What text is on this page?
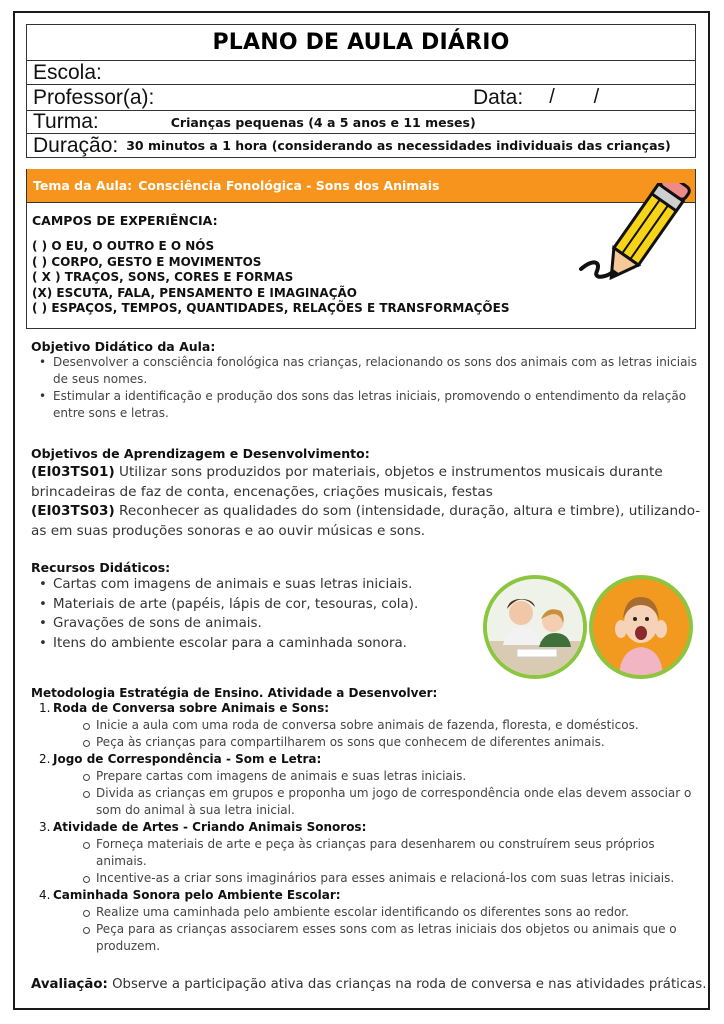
PLANO DE AULA DIÁRIO
Escola:
Professor(a):	Data: /       /
Turma:	Crianças pequenas (4 a 5 anos e 11 meses)
Duração: 30 minutos a 1 hora (considerando as necessidades individuais das crianças)
Tema da Aula: Consciência Fonológica - Sons dos Animais
CAMPOS DE EXPERIÊNCIA:
( ) O EU, O OUTRO E O NÓS
( ) CORPO, GESTO E MOVIMENTOS
( X ) TRAÇOS, SONS, CORES E FORMAS
(X) ESCUTA, FALA, PENSAMENTO E IMAGINAÇÃO
( ) ESPAÇOS, TEMPOS, QUANTIDADES, RELAÇÕES E TRANSFORMAÇÕES
Objetivo Didático da Aula:
• Desenvolver a consciência fonológica nas crianças, relacionando os sons dos animais com as letras iniciais de seus nomes.
• Estimular a identificação e produção dos sons das letras iniciais, promovendo o entendimento da relação entre sons e letras.
Objetivos de Aprendizagem e Desenvolvimento:

(EI03TS01) Utilizar sons produzidos por materiais, objetos e instrumentos musicais durante brincadeiras de faz de conta, encenações, criações musicais, festas
(EI03TS03) Reconhecer as qualidades do som (intensidade, duração, altura e timbre), utilizando-as em suas produções sonoras e ao ouvir músicas e sons.

Recursos Didáticos:
• Cartas com imagens de animais e suas letras iniciais.
• Materiais de arte (papéis, lápis de cor, tesouras, cola).
• Gravações de sons de animais.
• Itens do ambiente escolar para a caminhada sonora.
Metodologia Estratégia de Ensino. Atividade a Desenvolver:
1. Roda de Conversa sobre Animais e Sons:
Inicie a aula com uma roda de conversa sobre animais de fazenda, floresta, e domésticos.
Peça às crianças para compartilharem os sons que conhecem de diferentes animais.
2. Jogo de Correspondência - Som e Letra:
Prepare cartas com imagens de animais e suas letras iniciais.
Divida as crianças em grupos e proponha um jogo de correspondência onde elas devem associar o som do animal à sua letra inicial.
3. Atividade de Artes - Criando Animais Sonoros:
Forneça materiais de arte e peça às crianças para desenharem ou construírem seus próprios animais.
Incentive-as a criar sons imaginários para esses animais e relacioná-los com suas letras iniciais.
4. Caminhada Sonora pelo Ambiente Escolar:
Realize uma caminhada pelo ambiente escolar identificando os diferentes sons ao redor.
Peça para as crianças associarem esses sons com as letras iniciais dos objetos ou animais que o produzem.
Avaliação: Observe a participação ativa das crianças na roda de conversa e nas atividades práticas.
